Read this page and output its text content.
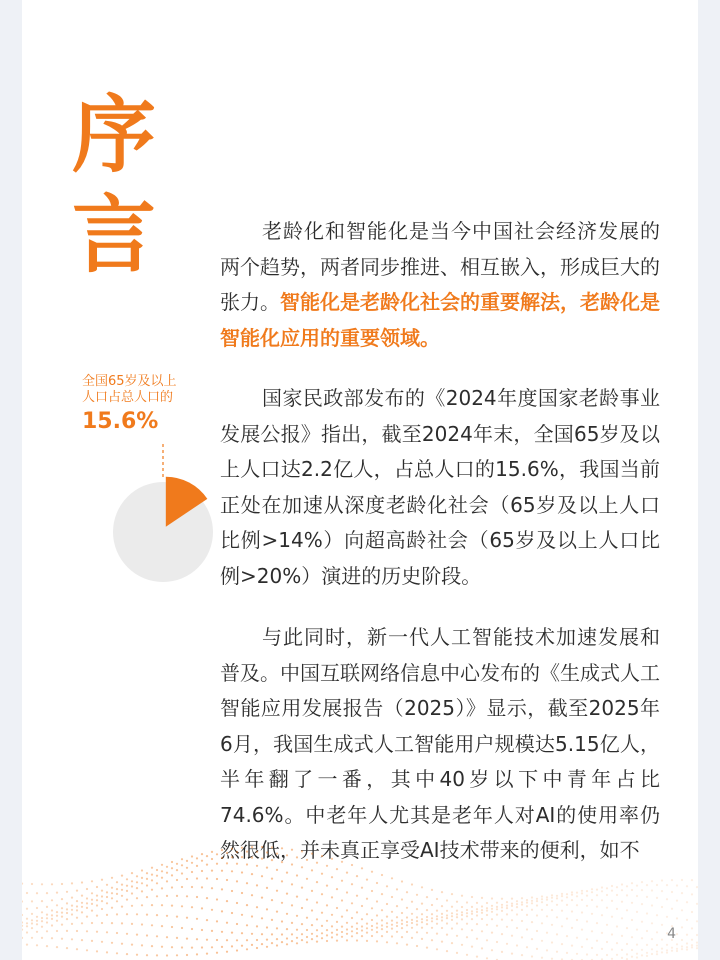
序
言
全国65岁及以上
人口占总人口的
15.6%

老龄化和智能化是当今中国社会经济发展的两个趋势，两者同步推进、相互嵌入，形成巨大的张力。智能化是老龄化社会的重要解法，老龄化是智能化应用的重要领域。

国家民政部发布的《2024年度国家老龄事业发展公报》指出，截至2024年末，全国65岁及以上人口达2.2亿人，占总人口的15.6%，我国当前正处在加速从深度老龄化社会（65岁及以上人口比例>14%）向超高龄社会（65岁及以上人口比例>20%）演进的历史阶段。

与此同时，新一代人工智能技术加速发展和普及。中国互联网络信息中心发布的《生成式人工智能应用发展报告（2025）》显示，截至2025年6月，我国生成式人工智能用户规模达5.15亿人，半年翻了一番，其中40岁以下中青年占比74.6%。中老年人尤其是老年人对AI的使用率仍然很低，并未真正享受AI技术带来的便利，如不

4
